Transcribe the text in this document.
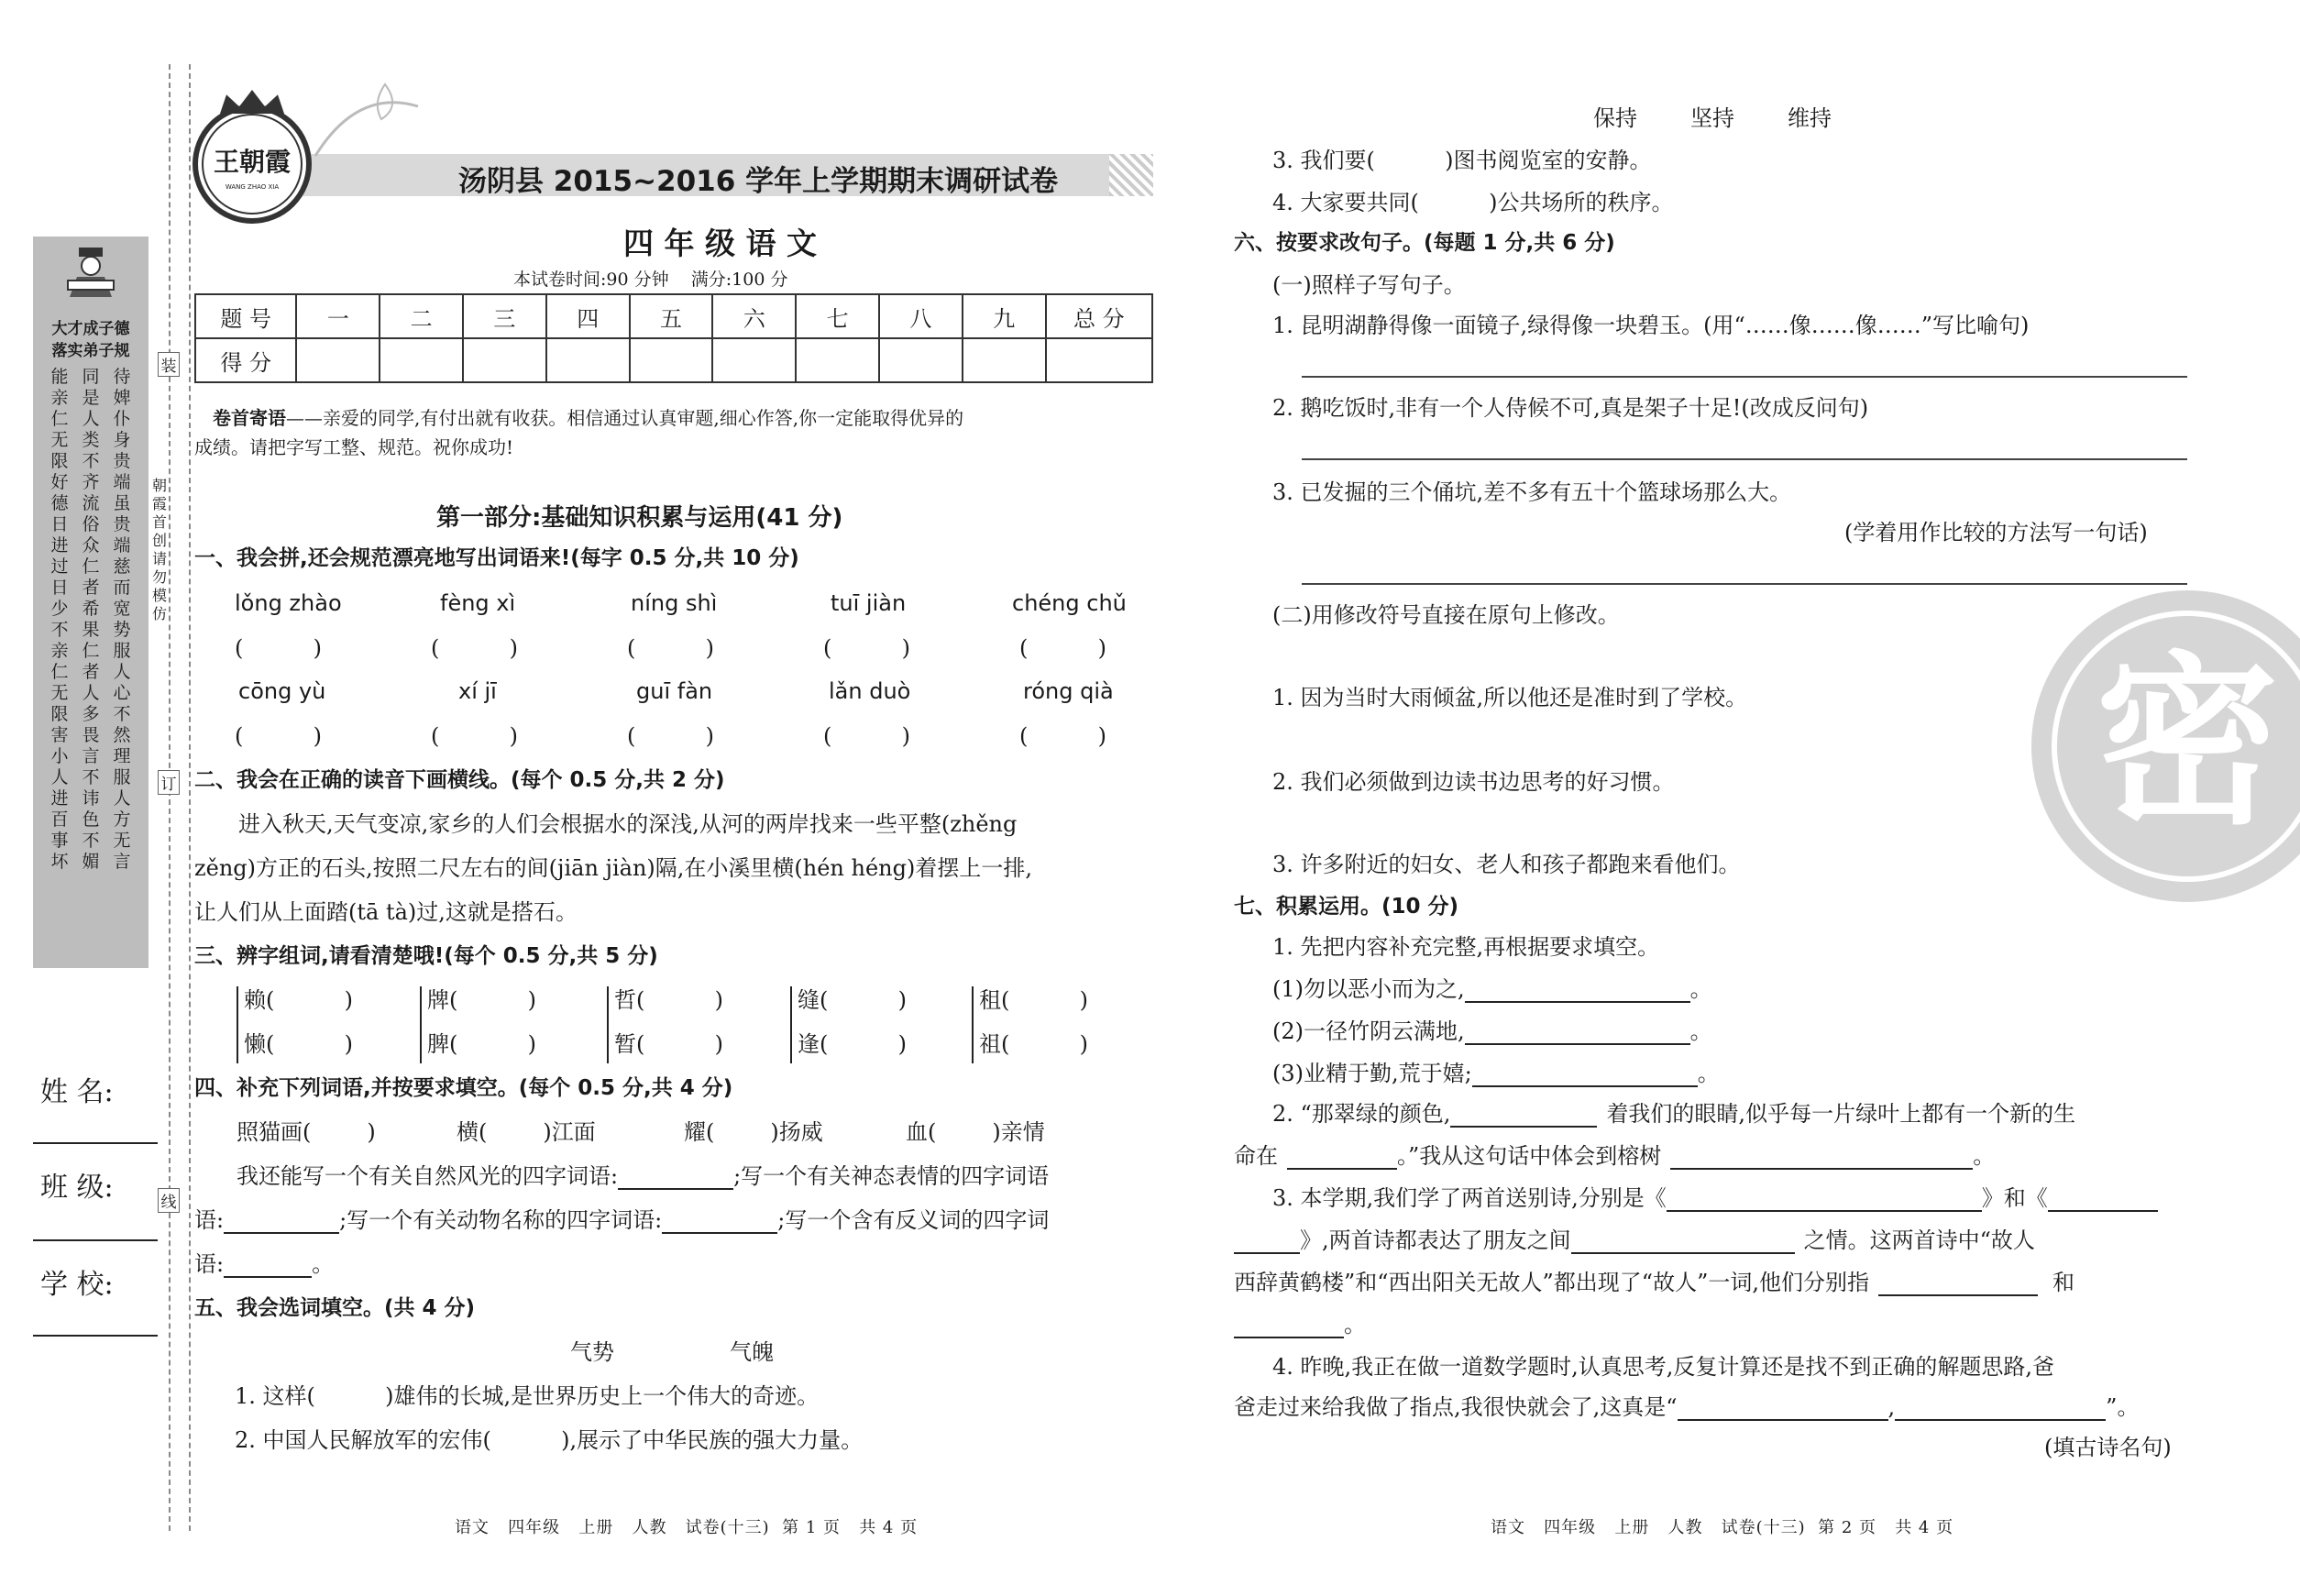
大才成子德
落实弟子规
能亲仁 无限好 德日进 过日少 不亲仁 无限害 小人进 百事坏
同是人 类不齐 流俗众 仁者希 果仁者 人多畏 言不讳 色不媚
待婢仆 身贵端 虽贵端 慈而宽 势服人 心不然 理服人 方无言
装
订
线
朝霞首创 请勿模仿
姓 名:
班 级:
学 校:
王朝霞
WANG ZHAO XIA	汤阴县 2015~2016 学年上学期期末调研试卷
四 年 级 语 文
本试卷时间:90 分钟    满分:100 分
题 号	一	二	三	四	五	六	七	八	九	总 分
得 分										
卷首寄语——亲爱的同学,有付出就有收获。相信通过认真审题,细心作答,你一定能取得优异的
成绩。请把字写工整、规范。祝你成功!
第一部分:基础知识积累与运用(41 分)
一、我会拼,还会规范漂亮地写出词语来!(每字 0.5 分,共 10 分)
lǒng zhào	fèng xì	níng shì	tuī jiàn	chéng chǔ
(          )	(          )	(          )	(          )	(          )
cōng yù	xí jī	guī fàn	lǎn duò	róng qià
(          )	(          )	(          )	(          )	(          )
二、我会在正确的读音下画横线。(每个 0.5 分,共 2 分)
进入秋天,天气变凉,家乡的人们会根据水的深浅,从河的两岸找来一些平整(zhěng
zěng)方正的石头,按照二尺左右的间(jiān jiàn)隔,在小溪里横(hén héng)着摆上一排,
让人们从上面踏(tā tà)过,这就是搭石。
三、辨字组词,请看清楚哦!(每个 0.5 分,共 5 分)
赖(          )	牌(          )	哲(          )	缝(          )	租(          )
懒(          )	脾(          )	暂(          )	逢(          )	祖(          )
四、补充下列词语,并按要求填空。(每个 0.5 分,共 4 分)
照猫画(        )	横(        )江面	耀(        )扬威	血(        )亲情
我还能写一个有关自然风光的四字词语:	;写一个有关神态表情的四字词语
语:	;写一个有关动物名称的四字词语:	;写一个含有反义词的四字词
语:	。
五、我会选词填空。(共 4 分)
气势	气魄
1. 这样(          )雄伟的长城,是世界历史上一个伟大的奇迹。
2. 中国人民解放军的宏伟(          ),展示了中华民族的强大力量。
语文   四年级   上册   人教   试卷(十三)  第 1 页   共 4 页
保持 坚持 维持
3. 我们要(          )图书阅览室的安静。
4. 大家要共同(          )公共场所的秩序。
六、按要求改句子。(每题 1 分,共 6 分)
(一)照样子写句子。
1. 昆明湖静得像一面镜子,绿得像一块碧玉。(用“……像……像……”写比喻句)
2. 鹅吃饭时,非有一个人侍候不可,真是架子十足!(改成反问句)
3. 已发掘的三个俑坑,差不多有五十个篮球场那么大。
(学着用作比较的方法写一句话)
(二)用修改符号直接在原句上修改。
1. 因为当时大雨倾盆,所以他还是准时到了学校。
2. 我们必须做到边读书边思考的好习惯。
3. 许多附近的妇女、老人和孩子都跑来看他们。
七、积累运用。(10 分)
1. 先把内容补充完整,再根据要求填空。
(1)勿以恶小而为之,	。
(2)一径竹阴云满地,	。
(3)业精于勤,荒于嬉;	。
2. “那翠绿的颜色,	着我们的眼睛,似乎每一片绿叶上都有一个新的生
命在	。”我从这句话中体会到榕树	。
3. 本学期,我们学了两首送别诗,分别是《	》和《
》,两首诗都表达了朋友之间	之情。这两首诗中“故人
西辞黄鹤楼”和“西出阳关无故人”都出现了“故人”一词,他们分别指	和
。
4. 昨晚,我正在做一道数学题时,认真思考,反复计算还是找不到正确的解题思路,爸
爸走过来给我做了指点,我很快就会了,这真是“	,	”。
(填古诗名句)
密
语文   四年级   上册   人教   试卷(十三)  第 2 页   共 4 页
